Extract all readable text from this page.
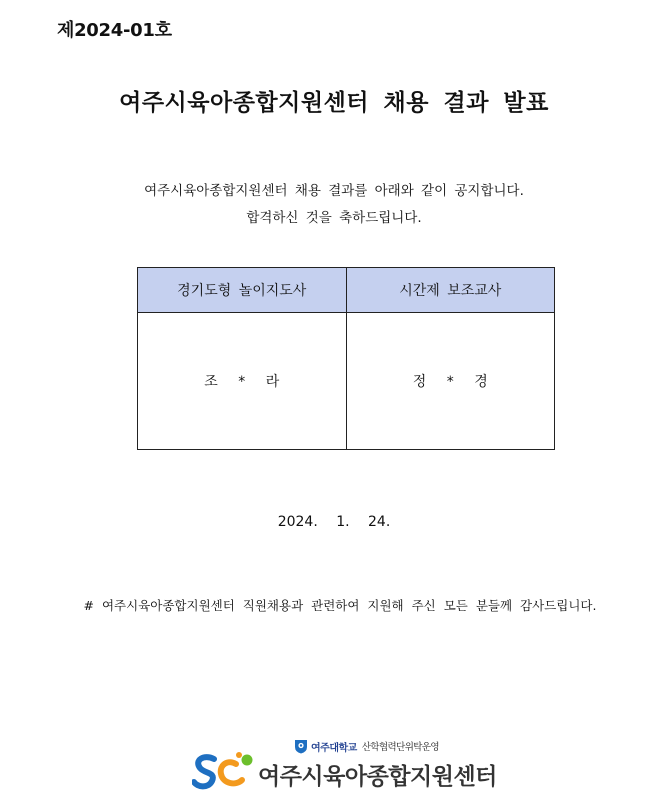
제2024-01호
여주시육아종합지원센터 채용 결과 발표
여주시육아종합지원센터 채용 결과를 아래와 같이 공지합니다.
합격하신 것을 축하드립니다.
경기도형 놀이지도사	시간제 보조교사
조 * 라	정 * 경
2024. 1. 24.
# 여주시육아종합지원센터 직원채용과 관련하여 지원해 주신 모든 분들께 감사드립니다.
여주대학교 산학협력단위탁운영
여주시육아종합지원센터
